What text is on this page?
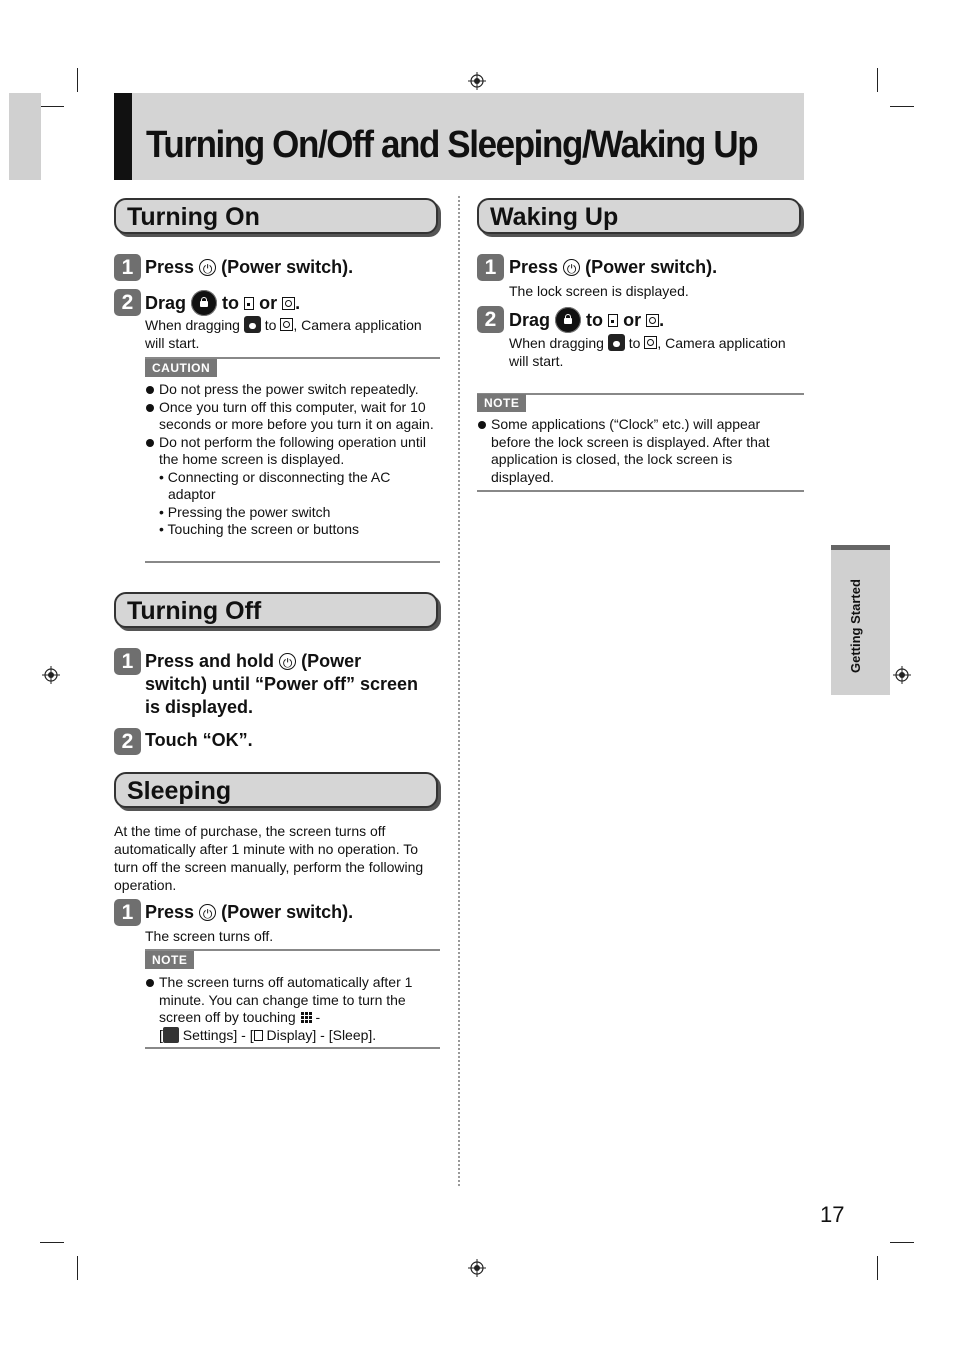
Turning On/Off and Sleeping/Waking Up
Turning On
1 Press ⏻ (Power switch).
2 Drag to or .
When dragging to , Camera application will start.
CAUTION
Do not press the power switch repeatedly.
Once you turn off this computer, wait for 10 seconds or more before you turn it on again.
Do not perform the following operation until the home screen is displayed.
• Connecting or disconnecting the AC adaptor
• Pressing the power switch
• Touching the screen or buttons
Turning Off
1 Press and hold ⏻ (Power
switch) until “Power off” screen
is displayed.
2 Touch “OK”.
Sleeping
At the time of purchase, the screen turns off automatically after 1 minute with no operation. To turn off the screen manually, perform the following operation.
1 Press ⏻ (Power switch).
The screen turns off.
NOTE
The screen turns off automatically after 1 minute. You can change time to turn the screen off by touching -
[ Settings] - [ Display] - [Sleep].
Waking Up
1 Press ⏻ (Power switch).
The lock screen is displayed.
2 Drag to or .
When dragging to , Camera application will start.
NOTE
Some applications (“Clock” etc.) will appear before the lock screen is displayed. After that application is closed, the lock screen is displayed.
Getting Started
17
